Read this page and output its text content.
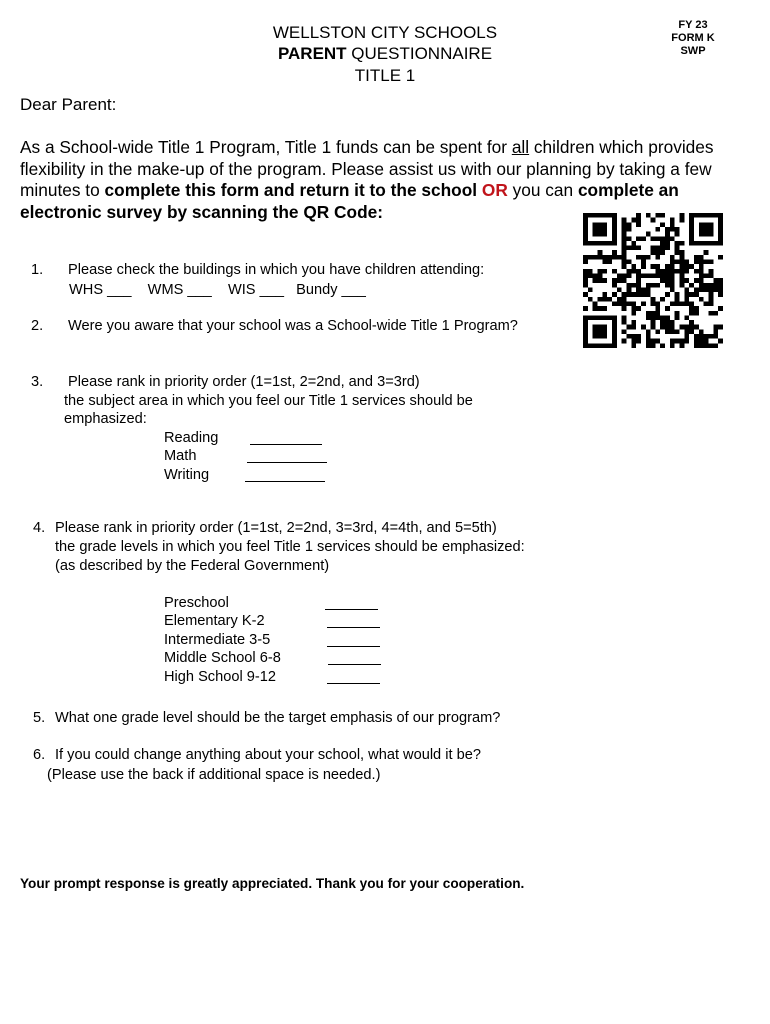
WELLSTON CITY SCHOOLS
PARENT QUESTIONNAIRE
TITLE 1
FY 23
FORM K
SWP
Dear Parent:
As a School-wide Title 1 Program, Title 1 funds can be spent for all children which provides flexibility in the make-up of the program. Please assist us with our planning by taking a few minutes to complete this form and return it to the school OR you can complete an electronic survey by scanning the QR Code:
1. Please check the buildings in which you have children attending:
WHS ___ WMS ___ WIS ___ Bundy ___
2. Were you aware that your school was a School-wide Title 1 Program?
3. Please rank in priority order (1=1st, 2=2nd, and 3=3rd)
the subject area in which you feel our Title 1 services should be
emphasized:
Reading
Math
Writing
4. Please rank in priority order (1=1st, 2=2nd, 3=3rd, 4=4th, and 5=5th)
the grade levels in which you feel Title 1 services should be emphasized:
(as described by the Federal Government)
Preschool
Elementary K-2
Intermediate 3-5
Middle School 6-8
High School 9-12
5. What one grade level should be the target emphasis of our program?
6. If you could change anything about your school, what would it be?
(Please use the back if additional space is needed.)
Your prompt response is greatly appreciated. Thank you for your cooperation.
